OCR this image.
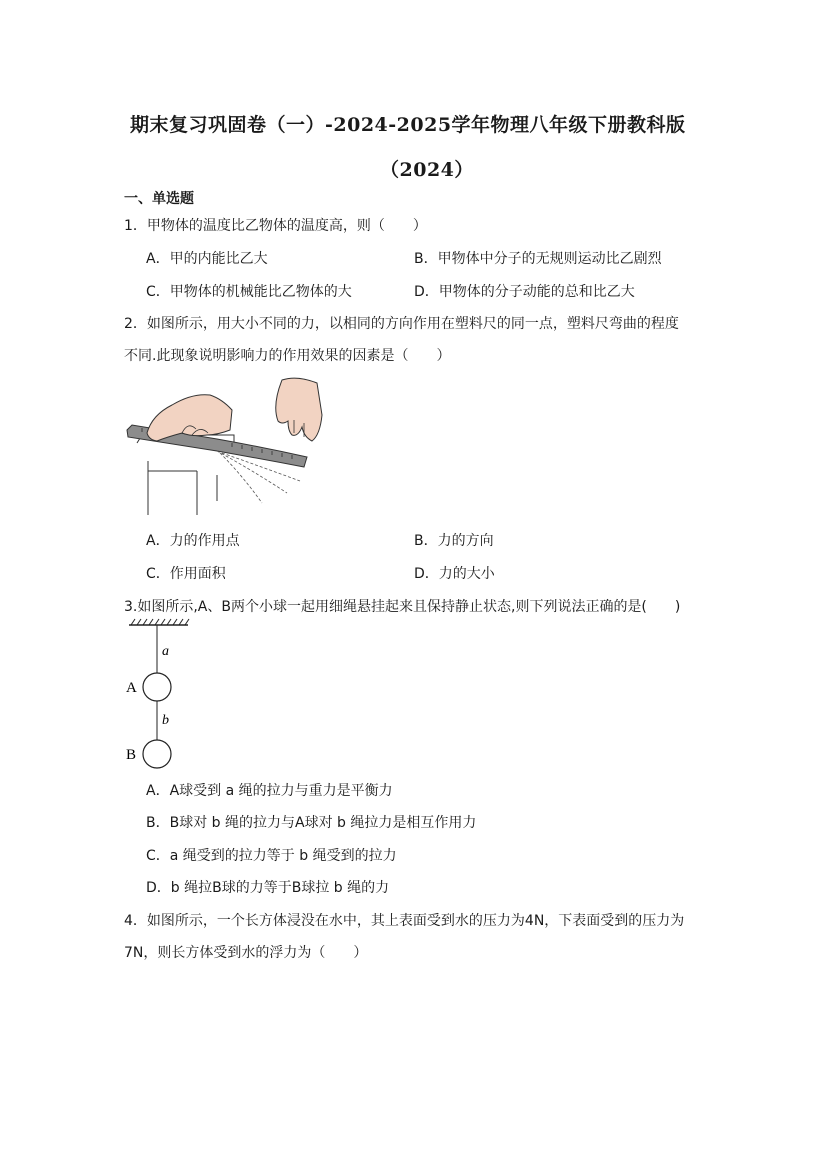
期末复习巩固卷（一）-2024-2025学年物理八年级下册教科版
（2024）
一、单选题
1．甲物体的温度比乙物体的温度高，则（　　）
A．甲的内能比乙大	B．甲物体中分子的无规则运动比乙剧烈
C．甲物体的机械能比乙物体的大	D．甲物体的分子动能的总和比乙大
2．如图所示，用大小不同的力，以相同的方向作用在塑料尺的同一点，塑料尺弯曲的程度
不同.此现象说明影响力的作用效果的因素是（　　）
A．力的作用点	B．力的方向
C．作用面积	D．力的大小
3.如图所示,A、B两个小球一起用细绳悬挂起来且保持静止状态,则下列说法正确的是(　　)
a
b
A
B
A．A球受到 a 绳的拉力与重力是平衡力
B．B球对 b 绳的拉力与A球对 b 绳拉力是相互作用力
C．a 绳受到的拉力等于 b 绳受到的拉力
D．b 绳拉B球的力等于B球拉 b 绳的力
4．如图所示，一个长方体浸没在水中，其上表面受到水的压力为4N，下表面受到的压力为
7N，则长方体受到水的浮力为（　　）
